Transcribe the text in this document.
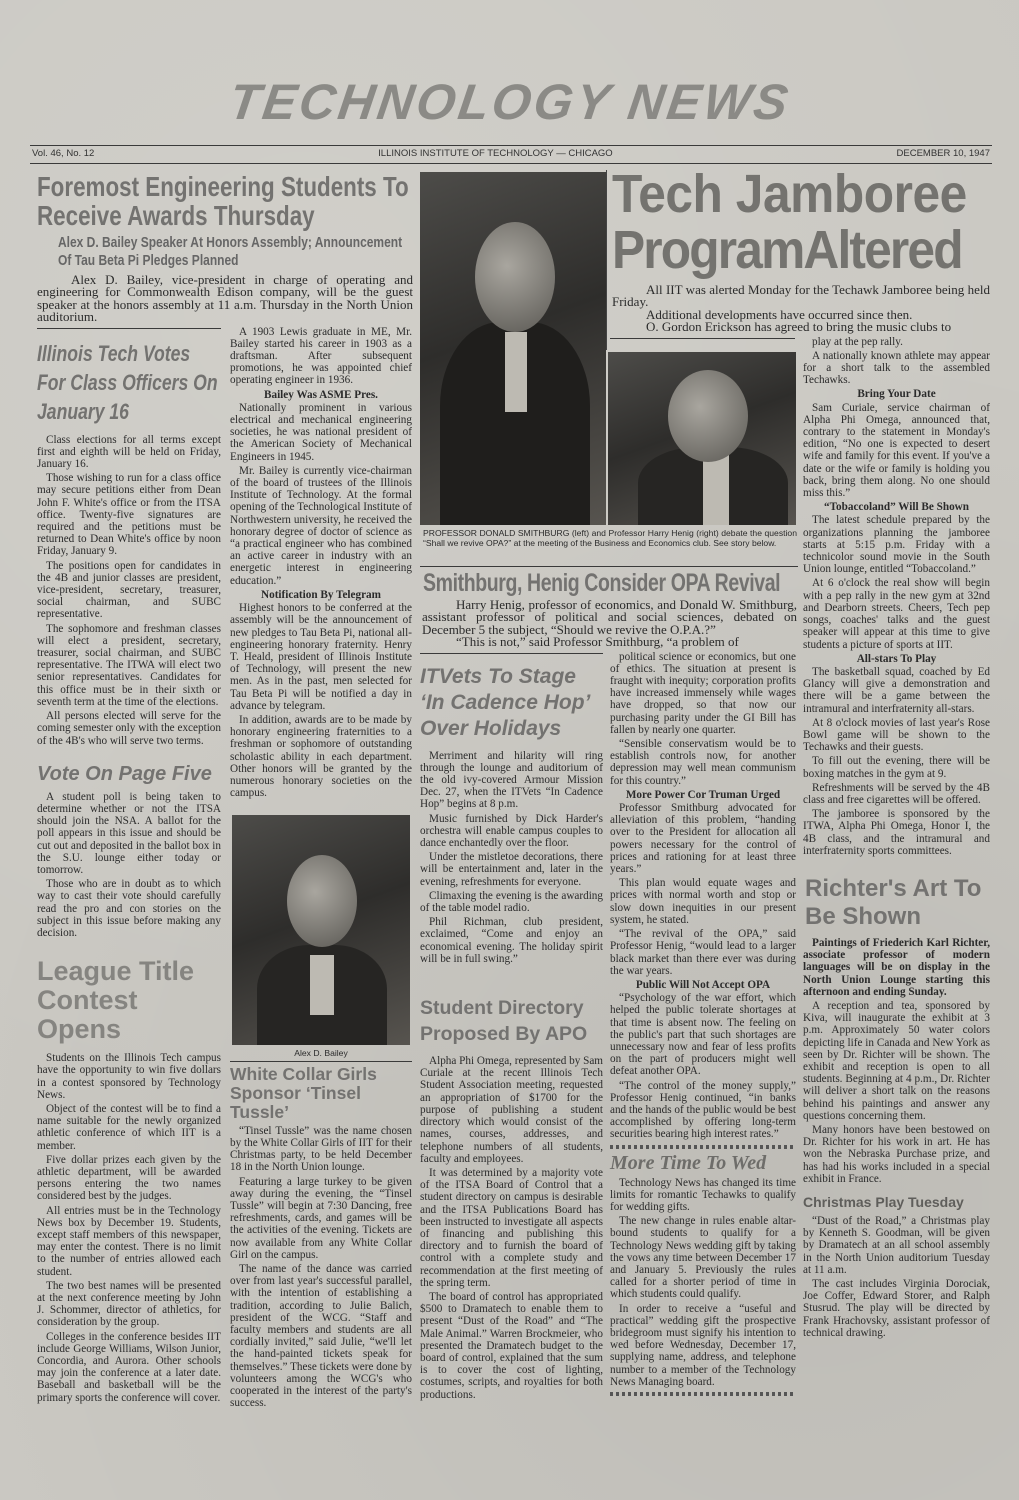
TECHNOLOGY NEWS
Vol. 46, No. 12	ILLINOIS INSTITUTE OF TECHNOLOGY — CHICAGO	DECEMBER 10, 1947
Foremost Engineering Students To Receive Awards Thursday
Alex D. Bailey Speaker At Honors Assembly; Announcement Of Tau Beta Pi Pledges Planned

Alex D. Bailey, vice-president in charge of operating and engineering for Commonwealth Edison company, will be the guest speaker at the honors assembly at 11 a.m. Thursday in the North Union auditorium.

Illinois Tech Votes For Class Officers On January 16

Class elections for all terms except first and eighth will be held on Friday, January 16.

Those wishing to run for a class office may secure petitions either from Dean John F. White's office or from the ITSA office. Twenty-five signatures are required and the petitions must be returned to Dean White's office by noon Friday, January 9.

The positions open for candidates in the 4B and junior classes are president, vice-president, secretary, treasurer, social chairman, and SUBC representative.

The sophomore and freshman classes will elect a president, secretary, treasurer, social chairman, and SUBC representative. The ITWA will elect two senior representatives. Candidates for this office must be in their sixth or seventh term at the time of the elections.

All persons elected will serve for the coming semester only with the exception of the 4B's who will serve two terms.

Vote On Page Five

A student poll is being taken to determine whether or not the ITSA should join the NSA. A ballot for the poll appears in this issue and should be cut out and deposited in the ballot box in the S.U. lounge either today or tomorrow.

Those who are in doubt as to which way to cast their vote should carefully read the pro and con stories on the subject in this issue before making any decision.

League Title Contest Opens

Students on the Illinois Tech campus have the opportunity to win five dollars in a contest sponsored by Technology News.

Object of the contest will be to find a name suitable for the newly organized athletic conference of which IIT is a member.

Five dollar prizes each given by the athletic department, will be awarded persons entering the two names considered best by the judges.

All entries must be in the Technology News box by December 19. Students, except staff members of this newspaper, may enter the contest. There is no limit to the number of entries allowed each student.

The two best names will be presented at the next conference meeting by John J. Schommer, director of athletics, for consideration by the group.

Colleges in the conference besides IIT include George Williams, Wilson Junior, Concordia, and Aurora. Other schools may join the conference at a later date. Baseball and basketball will be the primary sports the conference will cover.

A 1903 Lewis graduate in ME, Mr. Bailey started his career in 1903 as a draftsman. After subsequent promotions, he was appointed chief operating engineer in 1936.

Bailey Was ASME Pres.

Nationally prominent in various electrical and mechanical engineering societies, he was national president of the American Society of Mechanical Engineers in 1945.

Mr. Bailey is currently vice-chairman of the board of trustees of the Illinois Institute of Technology. At the formal opening of the Technological Institute of Northwestern university, he received the honorary degree of doctor of science as “a practical engineer who has combined an active career in industry with an energetic interest in engineering education.”

Notification By Telegram

Highest honors to be conferred at the assembly will be the announcement of new pledges to Tau Beta Pi, national all-engineering honorary fraternity. Henry T. Heald, president of Illinois Institute of Technology, will present the new men. As in the past, men selected for Tau Beta Pi will be notified a day in advance by telegram.

In addition, awards are to be made by honorary engineering fraternities to a freshman or sophomore of outstanding scholastic ability in each department. Other honors will be granted by the numerous honorary societies on the campus.

Alex D. Bailey
White Collar Girls Sponsor ‘Tinsel Tussle’

“Tinsel Tussle” was the name chosen by the White Collar Girls of IIT for their Christmas party, to be held December 18 in the North Union lounge.

Featuring a large turkey to be given away during the evening, the “Tinsel Tussle” will begin at 7:30 Dancing, free refreshments, cards, and games will be the activities of the evening. Tickets are now available from any White Collar Girl on the campus.

The name of the dance was carried over from last year's successful parallel, with the intention of establishing a tradition, according to Julie Balich, president of the WCG. “Staff and faculty members and students are all cordially invited,” said Julie, “we'll let the hand-painted tickets speak for themselves.” These tickets were done by volunteers among the WCG's who cooperated in the interest of the party's success.

PROFESSOR DONALD SMITHBURG (left) and Professor Harry Henig (right) debate the question “Shall we revive OPA?” at the meeting of the Business and Economics club. See story below.
Smithburg, Henig Consider OPA Revival

Harry Henig, professor of economics, and Donald W. Smithburg, assistant professor of political and social sciences, debated on December 5 the subject, “Should we revive the O.P.A.?”

“This is not,” said Professor Smithburg, “a problem of

ITVets To Stage ‘In Cadence Hop’ Over Holidays

Merriment and hilarity will ring through the lounge and auditorium of the old ivy-covered Armour Mission Dec. 27, when the ITVets “In Cadence Hop” begins at 8 p.m.

Music furnished by Dick Harder's orchestra will enable campus couples to dance enchantedly over the floor.

Under the mistletoe decorations, there will be entertainment and, later in the evening, refreshments for everyone.

Climaxing the evening is the awarding of the table model radio.

Phil Richman, club president, exclaimed, “Come and enjoy an economical evening. The holiday spirit will be in full swing.”

Student Directory Proposed By APO

Alpha Phi Omega, represented by Sam Curiale at the recent Illinois Tech Student Association meeting, requested an appropriation of $1700 for the purpose of publishing a student directory which would consist of the names, courses, addresses, and telephone numbers of all students, faculty and employees.

It was determined by a majority vote of the ITSA Board of Control that a student directory on campus is desirable and the ITSA Publications Board has been instructed to investigate all aspects of financing and publishing this directory and to furnish the board of control with a complete study and recommendation at the first meeting of the spring term.

The board of control has appropriated $500 to Dramatech to enable them to present “Dust of the Road” and “The Male Animal.” Warren Brockmeier, who presented the Dramatech budget to the board of control, explained that the sum is to cover the cost of lighting, costumes, scripts, and royalties for both productions.

political science or economics, but one of ethics. The situation at present is fraught with inequity; corporation profits have increased immensely while wages have dropped, so that now our purchasing parity under the GI Bill has fallen by nearly one quarter.

“Sensible conservatism would be to establish controls now, for another depression may well mean communism for this country.”

More Power Cor Truman Urged

Professor Smithburg advocated for alleviation of this problem, “handing over to the President for allocation all powers necessary for the control of prices and rationing for at least three years.”

This plan would equate wages and prices with normal worth and stop or slow down inequities in our present system, he stated.

“The revival of the OPA,” said Professor Henig, “would lead to a larger black market than there ever was during the war years.

Public Will Not Accept OPA

“Psychology of the war effort, which helped the public tolerate shortages at that time is absent now. The feeling on the public's part that such shortages are unnecessary now and fear of less profits on the part of producers might well defeat another OPA.

“The control of the money supply,” Professor Henig continued, “in banks and the hands of the public would be best accomplished by offering long-term securities bearing high interest rates.”

More Time To Wed

Technology News has changed its time limits for romantic Techawks to qualify for wedding gifts.

The new change in rules enable altar-bound students to qualify for a Technology News wedding gift by taking the vows any time between December 17 and January 5. Previously the rules called for a shorter period of time in which students could qualify.

In order to receive a “useful and practical” wedding gift the prospective bridegroom must signify his intention to wed before Wednesday, December 17, supplying name, address, and telephone number to a member of the Technology News Managing board.

Tech Jamboree
ProgramAltered

All IIT was alerted Monday for the Techawk Jamboree being held Friday.

Additional developments have occurred since then.

O. Gordon Erickson has agreed to bring the music clubs to

play at the pep rally.

A nationally known athlete may appear for a short talk to the assembled Techawks.

Bring Your Date

Sam Curiale, service chairman of Alpha Phi Omega, announced that, contrary to the statement in Monday's edition, “No one is expected to desert wife and family for this event. If you've a date or the wife or family is holding you back, bring them along. No one should miss this.”

“Tobaccoland” Will Be Shown

The latest schedule prepared by the organizations planning the jamboree starts at 5:15 p.m. Friday with a technicolor sound movie in the South Union lounge, entitled “Tobaccoland.”

At 6 o'clock the real show will begin with a pep rally in the new gym at 32nd and Dearborn streets. Cheers, Tech pep songs, coaches' talks and the guest speaker will appear at this time to give students a picture of sports at IIT.

All-stars To Play

The basketball squad, coached by Ed Glancy will give a demonstration and there will be a game between the intramural and interfraternity all-stars.

At 8 o'clock movies of last year's Rose Bowl game will be shown to the Techawks and their guests.

To fill out the evening, there will be boxing matches in the gym at 9.

Refreshments will be served by the 4B class and free cigarettes will be offered.

The jamboree is sponsored by the ITWA, Alpha Phi Omega, Honor I, the 4B class, and the intramural and interfraternity sports committees.

Richter's Art To Be Shown

Paintings of Friederich Karl Richter, associate professor of modern languages will be on display in the North Union Lounge starting this afternoon and ending Sunday.

A reception and tea, sponsored by Kiva, will inaugurate the exhibit at 3 p.m. Approximately 50 water colors depicting life in Canada and New York as seen by Dr. Richter will be shown. The exhibit and reception is open to all students. Beginning at 4 p.m., Dr. Richter will deliver a short talk on the reasons behind his paintings and answer any questions concerning them.

Many honors have been bestowed on Dr. Richter for his work in art. He has won the Nebraska Purchase prize, and has had his works included in a special exhibit in France.

Christmas Play Tuesday

“Dust of the Road,” a Christmas play by Kenneth S. Goodman, will be given by Dramatech at an all school assembly in the North Union auditorium Tuesday at 11 a.m.

The cast includes Virginia Dorociak, Joe Coffer, Edward Storer, and Ralph Stusrud. The play will be directed by Frank Hrachovsky, assistant professor of technical drawing.
